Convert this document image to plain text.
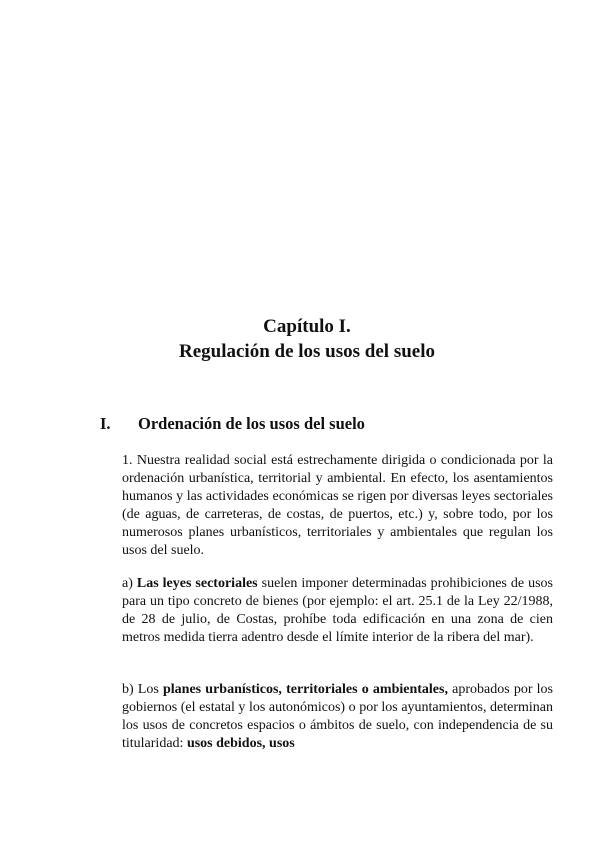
Capítulo I.
Regulación de los usos del suelo
I.	Ordenación de los usos del suelo

1. Nuestra realidad social está estrechamente dirigida o condicionada por la ordenación urbanística, territorial y ambiental. En efecto, los asentamientos humanos y las actividades económicas se rigen por diversas leyes sectoriales (de aguas, de carreteras, de costas, de puertos, etc.) y, sobre todo, por los numerosos planes urbanísticos, territoriales y ambientales que regulan los usos del suelo.

a) Las leyes sectoriales suelen imponer determinadas prohibiciones de usos para un tipo concreto de bienes (por ejemplo: el art. 25.1 de la Ley 22/1988, de 28 de julio, de Costas, prohíbe toda edificación en una zona de cien metros medida tierra adentro desde el límite interior de la ribera del mar).

b) Los planes urbanísticos, territoriales o ambientales, aprobados por los gobiernos (el estatal y los autonómicos) o por los ayuntamientos, determinan los usos de concretos espacios o ámbitos de suelo, con independencia de su titularidad: usos debidos, usos
